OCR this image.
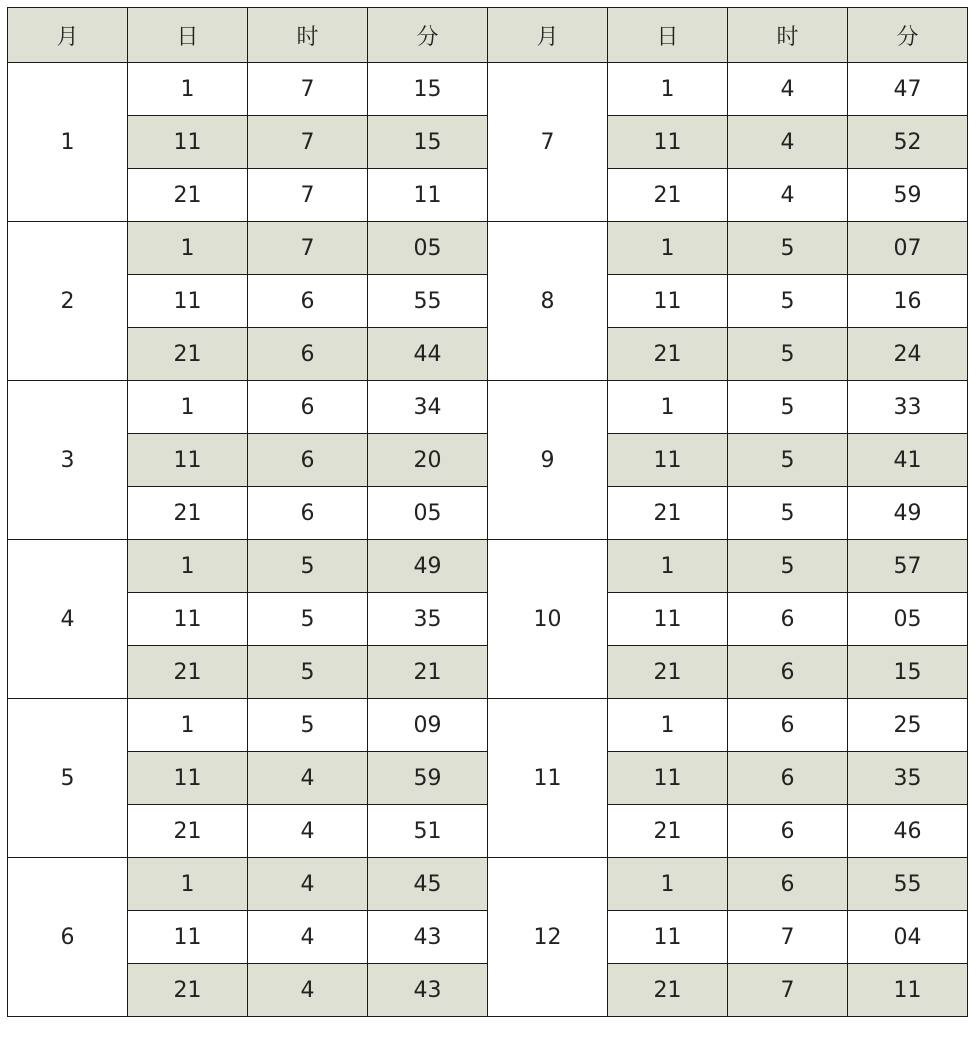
月	日	时	分	月	日	时	分
1	1	7	15	7	1	4	47
	11	7	15		11	4	52
	21	7	11		21	4	59
2	1	7	05	8	1	5	07
	11	6	55		11	5	16
	21	6	44		21	5	24
3	1	6	34	9	1	5	33
	11	6	20		11	5	41
	21	6	05		21	5	49
4	1	5	49	10	1	5	57
	11	5	35		11	6	05
	21	5	21		21	6	15
5	1	5	09	11	1	6	25
	11	4	59		11	6	35
	21	4	51		21	6	46
6	1	4	45	12	1	6	55
	11	4	43		11	7	04
	21	4	43		21	7	11
